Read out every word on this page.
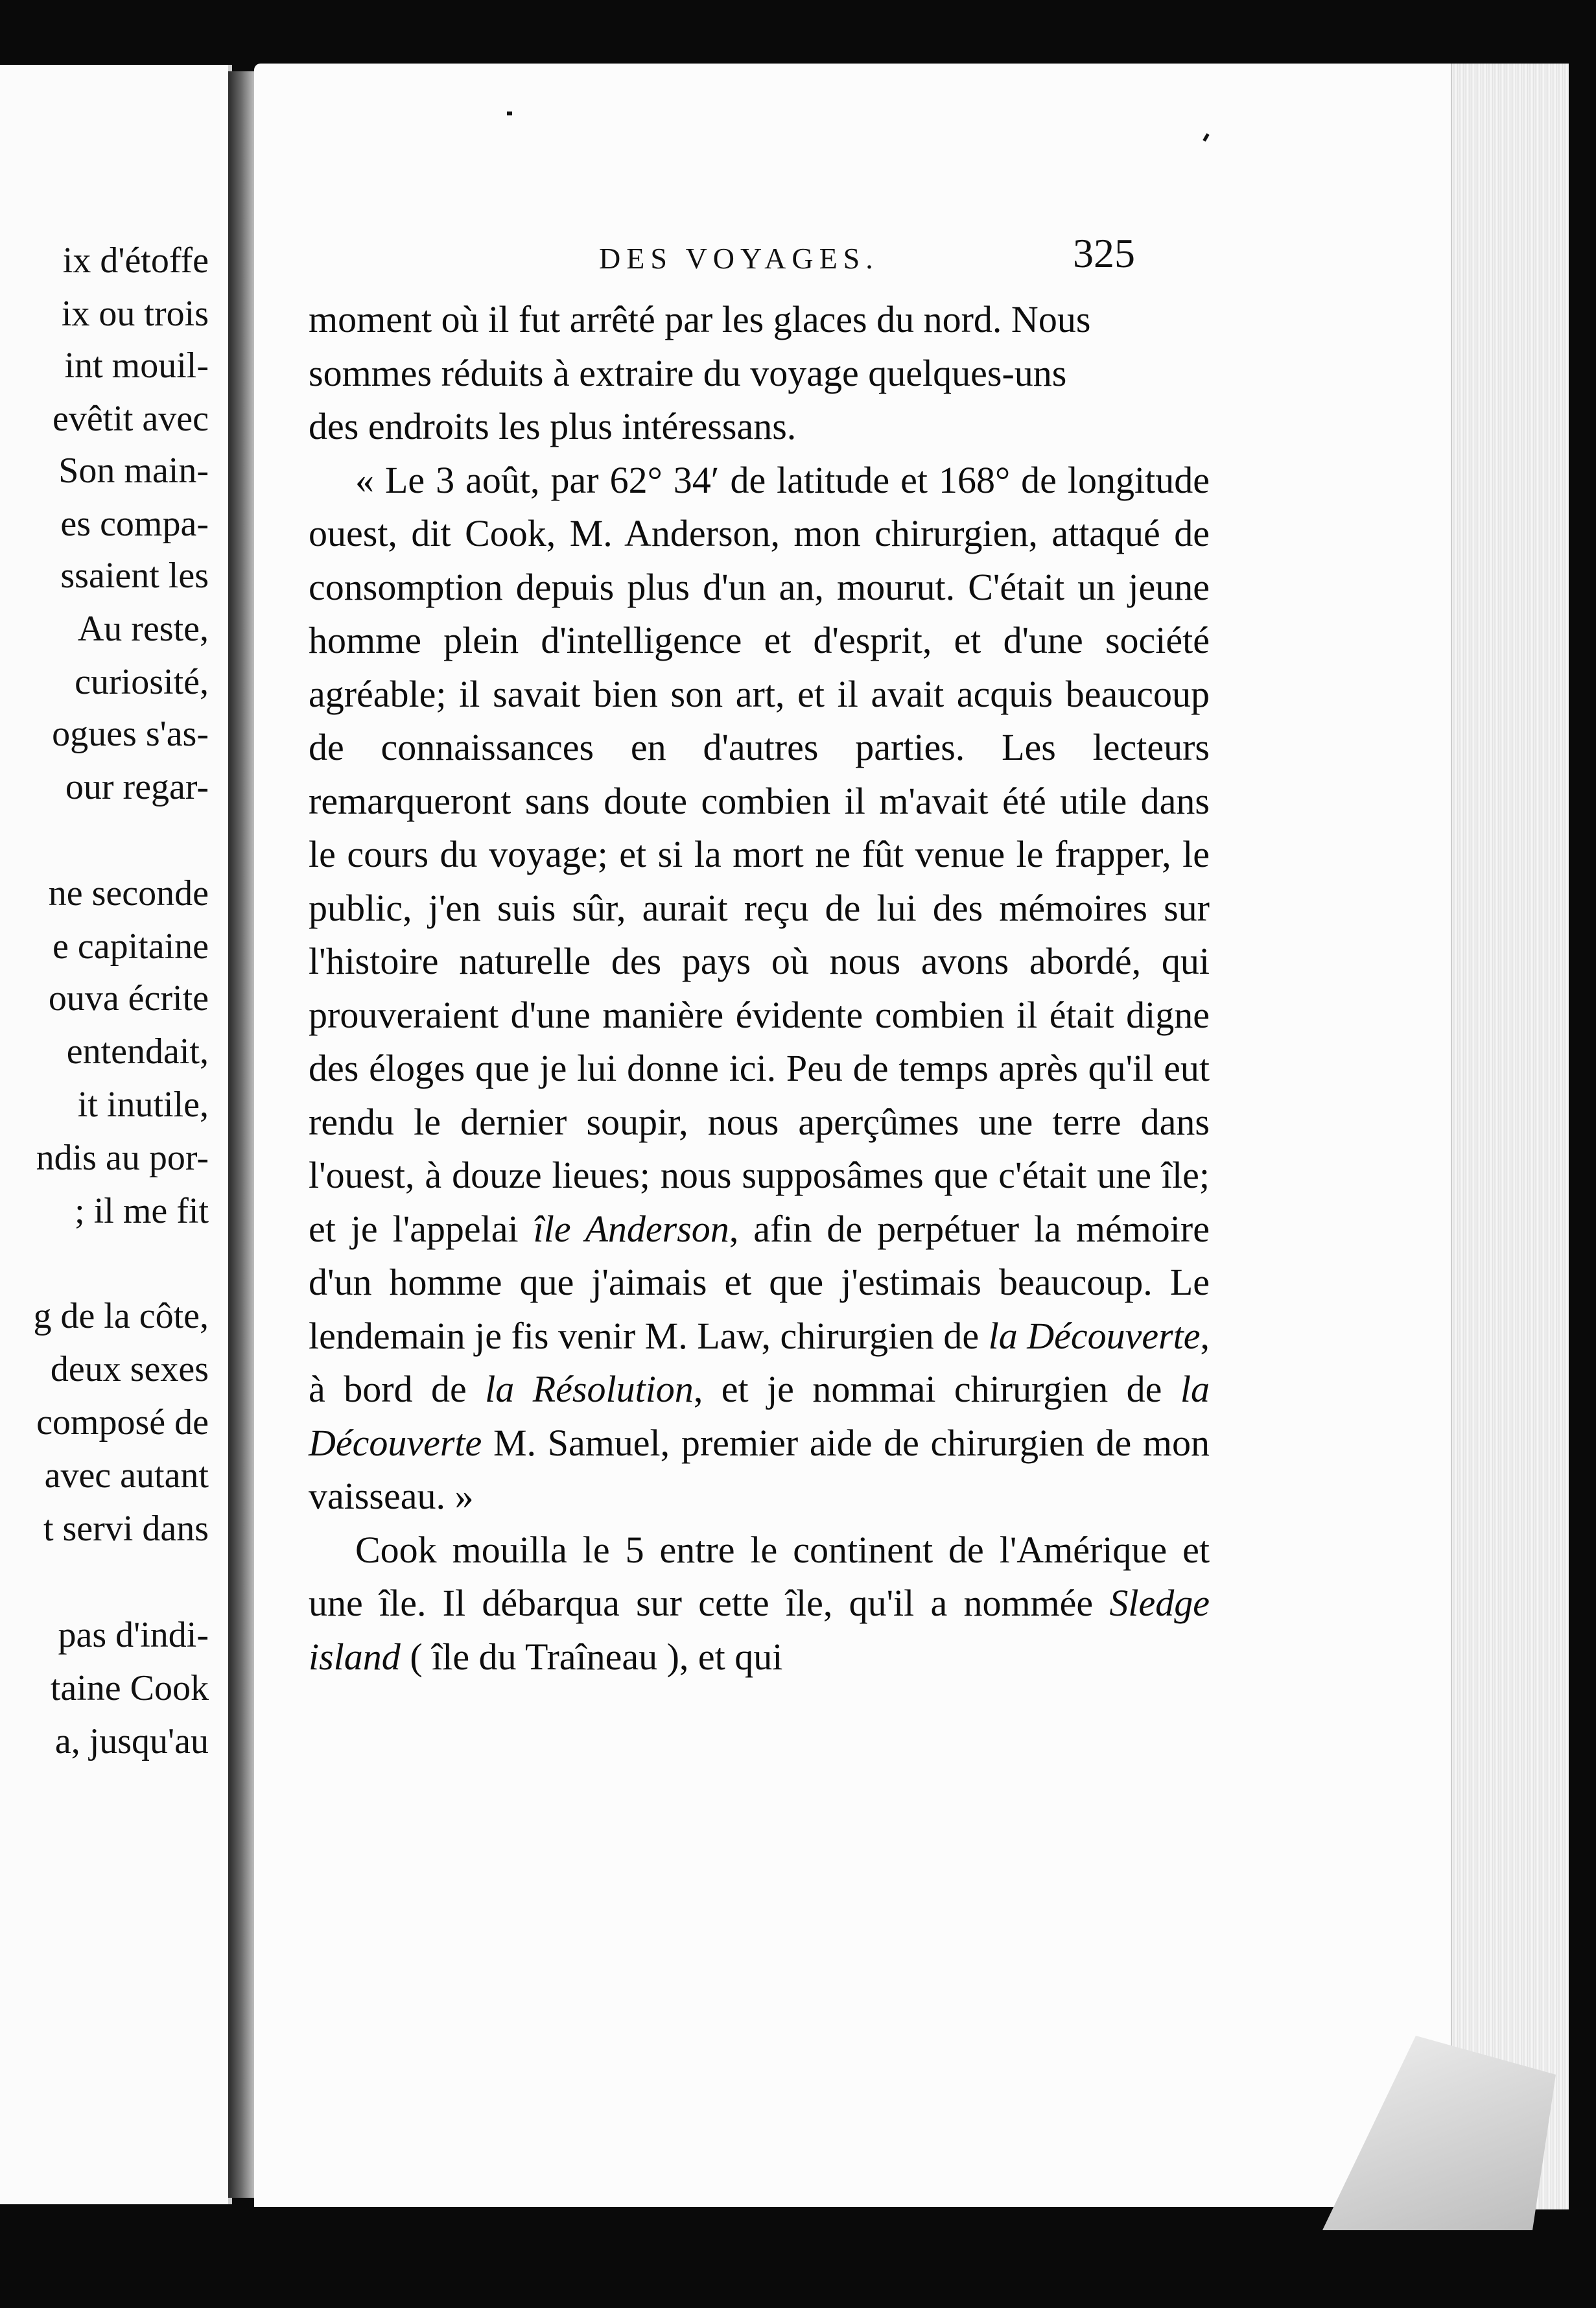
ix d'étoffe
ix ou trois
int mouil-
evêtit avec
Son main-
es compa-
ssaient les
Au reste,
curiosité,
ogues s'as-
our regar-
ne seconde
e capitaine
ouva écrite
entendait,
it inutile,
ndis au por-
; il me fit
g de la côte,
deux sexes
composé de
avec autant
t servi dans
pas d'indi-
taine Cook
a, jusqu'au
DES VOYAGES.	325

moment où il fut arrêté par les glaces du nord. Nous
sommes réduits à extraire du voyage quelques-uns
des endroits les plus intéressans.

« Le 3 août, par 62° 34′ de latitude et 168° de longitude ouest, dit Cook, M. Anderson, mon chirurgien, attaqué de consomption depuis plus d'un an, mourut. C'était un jeune homme plein d'intelligence et d'esprit, et d'une société agréable; il savait bien son art, et il avait acquis beaucoup de connaissances en d'autres parties. Les lecteurs remarqueront sans doute combien il m'avait été utile dans le cours du voyage; et si la mort ne fût venue le frapper, le public, j'en suis sûr, aurait reçu de lui des mémoires sur l'histoire naturelle des pays où nous avons abordé, qui prouveraient d'une manière évidente combien il était digne des éloges que je lui donne ici. Peu de temps après qu'il eut rendu le dernier soupir, nous aperçûmes une terre dans l'ouest, à douze lieues; nous supposâmes que c'était une île; et je l'appelai île Anderson, afin de perpétuer la mémoire d'un homme que j'aimais et que j'estimais beaucoup. Le lendemain je fis venir M. Law, chirurgien de la Découverte, à bord de la Résolution, et je nommai chirurgien de la Découverte M. Samuel, premier aide de chirurgien de mon vaisseau. »

Cook mouilla le 5 entre le continent de l'Amérique et une île. Il débarqua sur cette île, qu'il a nommée Sledge island ( île du Traîneau ), et qui
